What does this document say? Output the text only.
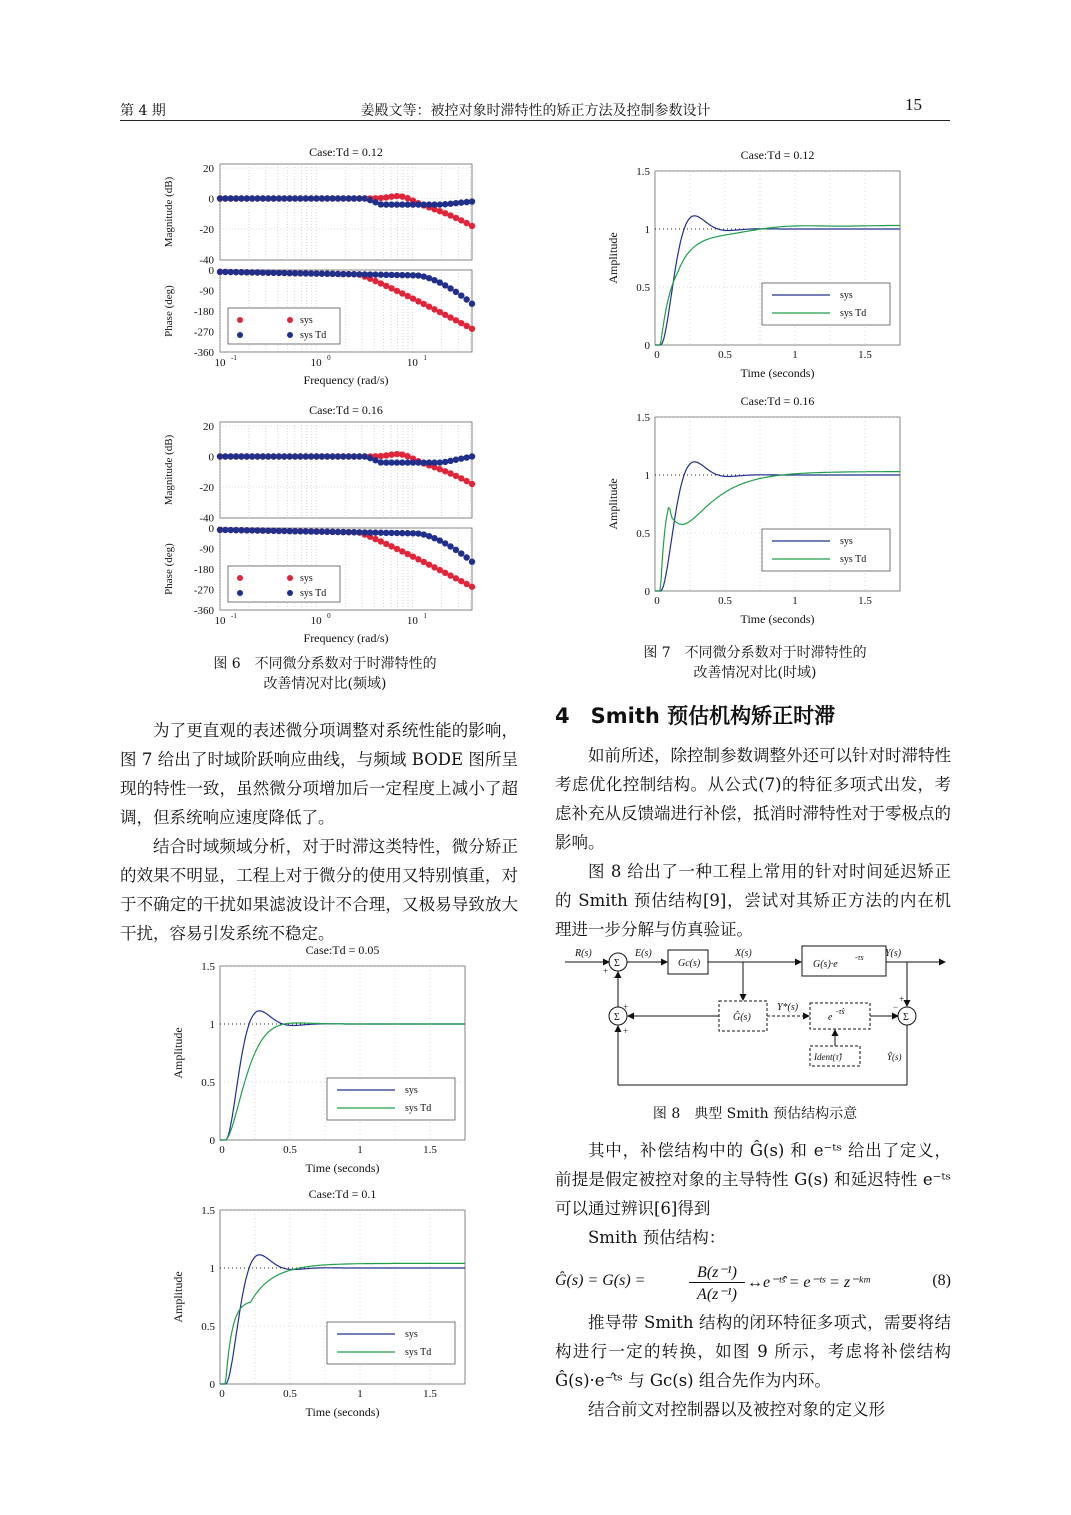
第 4 期	姜殿文等：被控对象时滞特性的矫正方法及控制参数设计	15
Case:Td = 0.12
20
0
-20
-40
0
-90
-180
-270
-360
Magnitude (dB)
Phase (deg)
10 -1	10 0	10 1
Frequency (rad/s)
sys
sys Td
Case:Td = 0.16
20
0
-20
-40
0
-90
-180
-270
-360
Magnitude (dB)
Phase (deg)
10 -1	10 0	10 1
Frequency (rad/s)
sys
sys Td
Case:Td = 0.12
1.5
1
0.5
0
0	0.5	1	1.5
Time (seconds)
Amplitude
sys
sys Td
Case:Td = 0.16
1.5
1
0.5
0
0	0.5	1	1.5
Time (seconds)
Amplitude
sys
sys Td
Case:Td = 0.05
1.5
1
0.5
0
0	0.5	1	1.5
Time (seconds)
Amplitude
sys
sys Td
Case:Td = 0.1
1.5
1
0.5
0
0	0.5	1	1.5
Time (seconds)
Amplitude
sys
sys Td
图 6　不同微分系数对于时滞特性的
改善情况对比(频域)
图 7　不同微分系数对于时滞特性的
改善情况对比(时域)

为了更直观的表述微分项调整对系统性能的影响，图 7 给出了时域阶跃响应曲线，与频域 BODE 图所呈现的特性一致，虽然微分项增加后一定程度上减小了超调，但系统响应速度降低了。

结合时域频域分析，对于时滞这类特性，微分矫正的效果不明显，工程上对于微分的使用又特别慎重，对于不确定的干扰如果滤波设计不合理，又极易导致放大干扰，容易引发系统不稳定。

4　Smith 预估机构矫正时滞

如前所述，除控制参数调整外还可以针对时滞特性考虑优化控制结构。从公式(7)的特征多项式出发，考虑补充从反馈端进行补偿，抵消时滞特性对于零极点的影响。

图 8 给出了一种工程上常用的针对时间延迟矫正的 Smith 预估结构[9]，尝试对其矫正方法的内在机理进一步分解与仿真验证。

R(s)	E(s)	X(s)	Y(s)
Gc(s)	G(s)·e
-τs
Ĝ(s)
Y*(s)
e
-τ̂s
Ident(τ̂)	Ŷ(s)
Σ
Σ	Σ
+
−
+
+
+
−
图 8　典型 Smith 预估结构示意

其中，补偿结构中的 Ĝ(s) 和 e⁻ᵗˢ 给出了定义，前提是假定被控对象的主导特性 G(s) 和延迟特性 e⁻ᵗˢ 可以通过辨识[6]得到

Smith 预估结构：

Ĝ(s) = G(s) =	B(z⁻¹)
A(z⁻¹)
↔e⁻ᵗ̂ˢ = e⁻ᵗˢ = z⁻ᵏᵐ	(8)

推导带 Smith 结构的闭环特征多项式，需要将结构进行一定的转换，如图 9 所示，考虑将补偿结构 Ĝ(s)·e⁻ᵗ̂ˢ 与 Gc(s) 组合先作为内环。

结合前文对控制器以及被控对象的定义形
